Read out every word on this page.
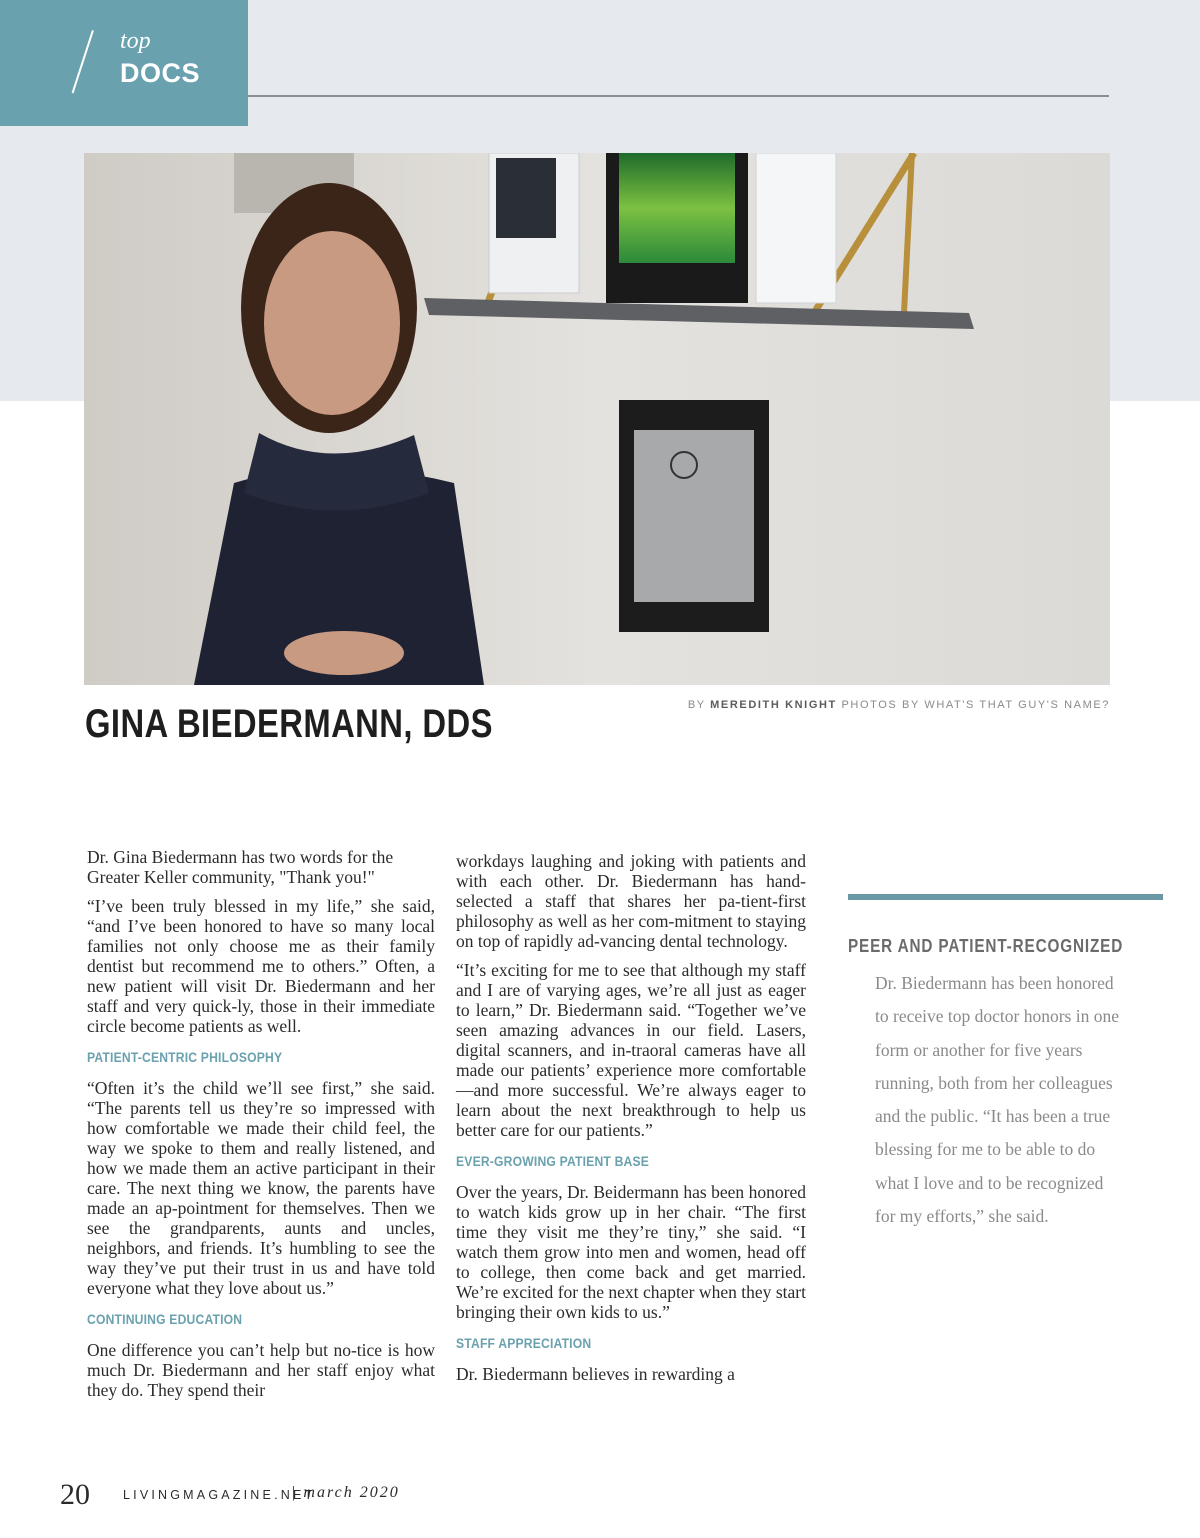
top
DOCS
BY MEREDITH KNIGHT PHOTOS BY WHAT'S THAT GUY'S NAME?
GINA BIEDERMANN, DDS

Dr. Gina Biedermann has two words for the Greater Keller community, "Thank you!"

“I’ve been truly blessed in my life,” she said, “and I’ve been honored to have so many local families not only choose me as their family dentist but recommend me to others.” Often, a new patient will visit Dr. Biedermann and her staff and very quick-ly, those in their immediate circle become patients as well.

PATIENT-CENTRIC PHILOSOPHY

“Often it’s the child we’ll see first,” she said. “The parents tell us they’re so impressed with how comfortable we made their child feel, the way we spoke to them and really listened, and how we made them an active participant in their care. The next thing we know, the parents have made an ap-pointment for themselves. Then we see the grandparents, aunts and uncles, neighbors, and friends. It’s humbling to see the way they’ve put their trust in us and have told everyone what they love about us.”

CONTINUING EDUCATION

One difference you can’t help but no-tice is how much Dr. Biedermann and her staff enjoy what they do. They spend their

workdays laughing and joking with patients and with each other. Dr. Biedermann has hand-selected a staff that shares her pa-tient-first philosophy as well as her com-mitment to staying on top of rapidly ad-vancing dental technology.

“It’s exciting for me to see that although my staff and I are of varying ages, we’re all just as eager to learn,” Dr. Biedermann said. “Together we’ve seen amazing advances in our field. Lasers, digital scanners, and in-traoral cameras have all made our patients’ experience more comfortable—and more successful. We’re always eager to learn about the next breakthrough to help us better care for our patients.”

EVER-GROWING PATIENT BASE

Over the years, Dr. Beidermann has been honored to watch kids grow up in her chair. “The first time they visit me they’re tiny,” she said. “I watch them grow into men and women, head off to college, then come back and get married. We’re excited for the next chapter when they start bringing their own kids to us.”

STAFF APPRECIATION

Dr. Biedermann believes in rewarding a

PEER AND PATIENT-RECOGNIZED
Dr. Biedermann has been honored to receive top doctor honors in one form or another for five years running, both from her colleagues and the public. “It has been a true blessing for me to be able to do what I love and to be recognized for my efforts,” she said.
20	LIVINGMAGAZINE.NET
| march 2020
